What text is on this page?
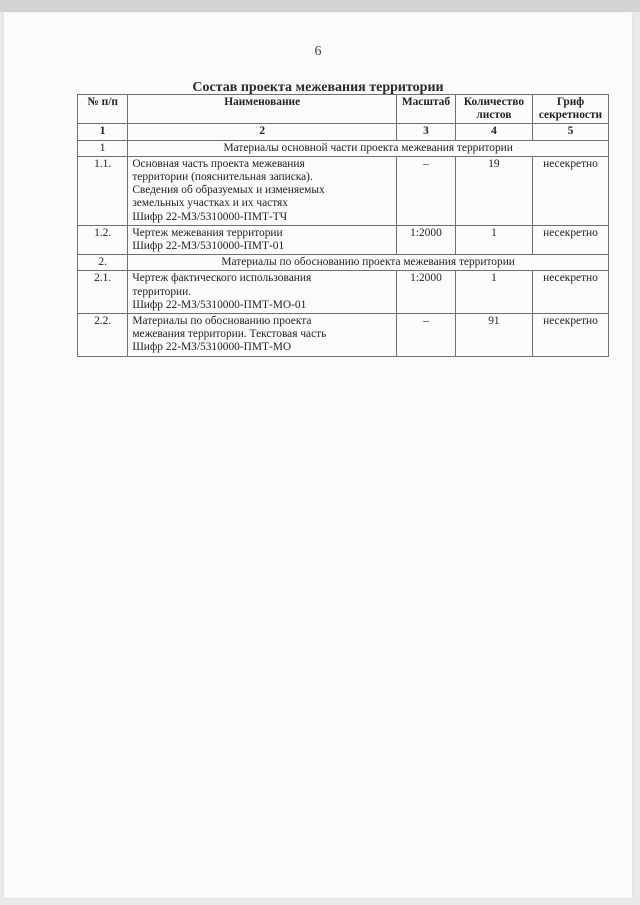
6
Состав проекта межевания территории
№ п/п	Наименование	Масштаб	Количество листов	Гриф секретности
1	2	3	4	5
1	Материалы основной части проекта межевания территории			
1.1.	Основная часть проекта межевания
территории (пояснительная записка).
Сведения об образуемых и изменяемых
земельных участках и их частях
Шифр 22-МЗ/5310000-ПМТ-ТЧ	–	19	несекретно
1.2.	Чертеж межевания территории
Шифр 22-МЗ/5310000-ПМТ-01	1:2000	1	несекретно
2.	Материалы по обоснованию проекта межевания территории			
2.1.	Чертеж фактического использования
территории.
Шифр 22-МЗ/5310000-ПМТ-МО-01	1:2000	1	несекретно
2.2.	Материалы по обоснованию проекта
межевания территории. Текстовая часть
Шифр 22-МЗ/5310000-ПМТ-МО	–	91	несекретно
